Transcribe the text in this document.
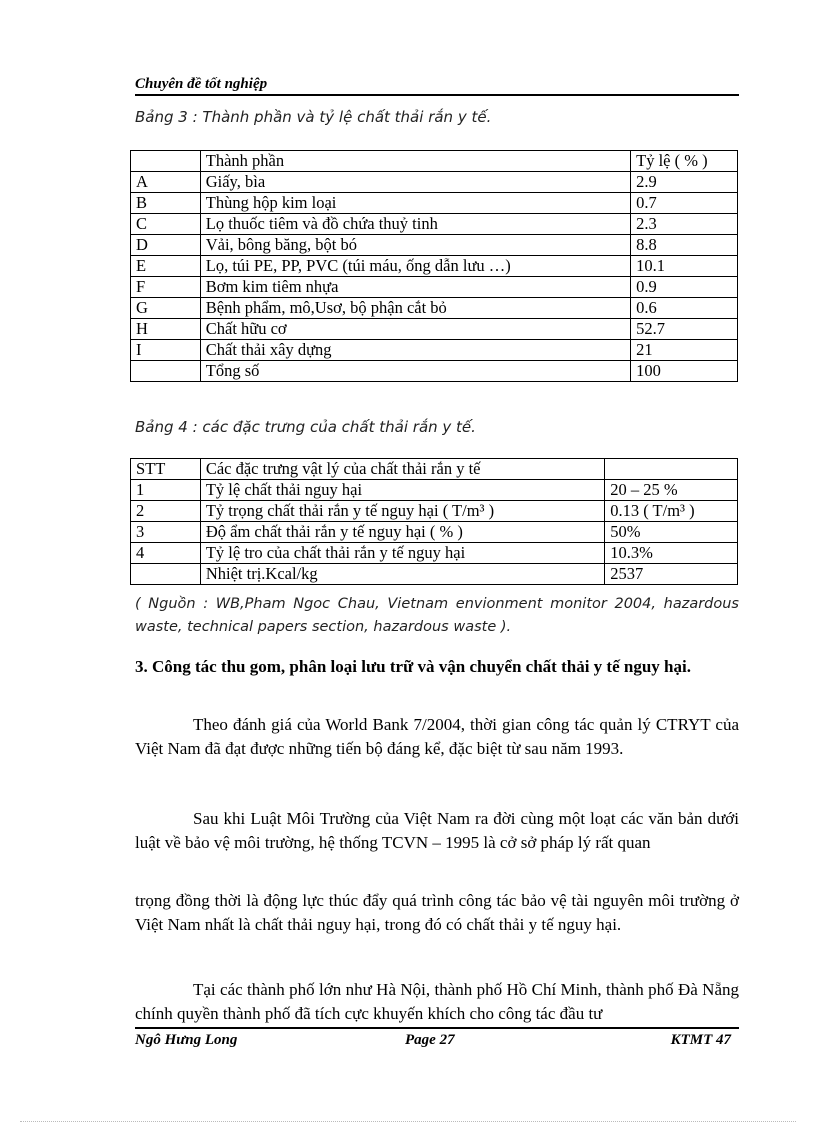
Chuyên đề tốt nghiệp
Bảng 3 : Thành phần và tỷ lệ chất thải rắn y tế.
	Thành phần	Tỷ lệ ( % )
A	Giấy, bìa	2.9
B	Thùng hộp kim loại	0.7
C	Lọ thuốc tiêm và đồ chứa thuỷ tinh	2.3
D	Vải, bông băng, bột bó	8.8
E	Lọ, túi PE, PP, PVC (túi máu, ống dẫn lưu …)	10.1
F	Bơm kim tiêm nhựa	0.9
G	Bệnh phẩm, mô,Usơ, bộ phận cắt bỏ	0.6
H	Chất hữu cơ	52.7
I	Chất thải xây dựng	21
	Tổng số	100
Bảng 4 : các đặc trưng của chất thải rắn y tế.
STT	Các đặc trưng vật lý của chất thải rắn y tế	
1	Tỷ lệ chất thải nguy hại	20 – 25 %
2	Tỷ trọng chất thải rắn y tế nguy hại ( T/m³ )	0.13 ( T/m³ )
3	Độ ẩm chất thải rắn y tế nguy hại ( % )	50%
4	Tỷ lệ tro của chất thải rắn y tế nguy hại	10.3%
	Nhiệt trị.Kcal/kg	2537
( Nguồn : WB,Pham Ngoc Chau, Vietnam envionment monitor 2004, hazardous waste, technical papers section, hazardous waste ).
3. Công tác thu gom, phân loại lưu trữ và vận chuyển chất thải y tế nguy hại.

Theo đánh giá của World Bank 7/2004, thời gian công tác quản lý CTRYT của Việt Nam đã đạt được những tiến bộ đáng kể, đặc biệt từ sau năm 1993.

Sau khi Luật Môi Trường của Việt Nam ra đời cùng một loạt các văn bản dưới luật về bảo vệ môi trường, hệ thống TCVN – 1995 là cở sở pháp lý rất quan

trọng đồng thời là động lực thúc đẩy quá trình công tác bảo vệ tài nguyên môi trường ở Việt Nam nhất là chất thải nguy hại, trong đó có chất thải y tế nguy hại.

Tại các thành phố lớn như Hà Nội, thành phố Hồ Chí Minh, thành phố Đà Nẵng chính quyền thành phố đã tích cực khuyến khích cho công tác đầu tư

Ngô Hưng Long	Page 27	KTMT 47
